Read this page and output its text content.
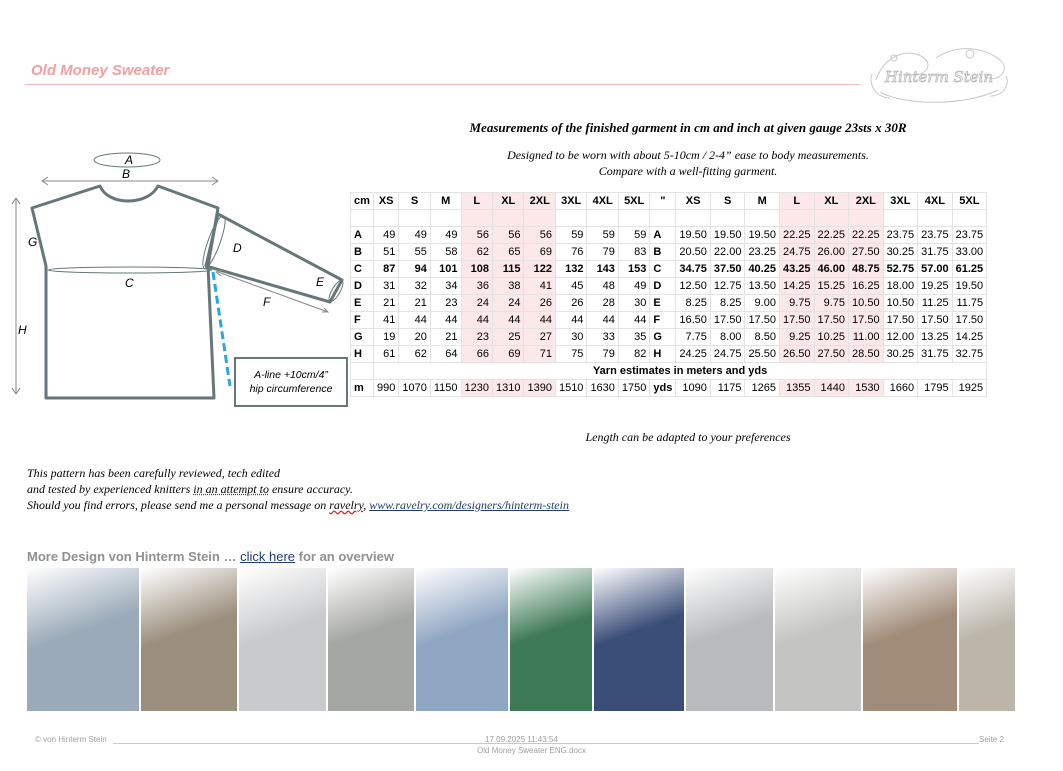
Old Money Sweater	Hinterm Stein
Measurements of the finished garment in cm and inch at given gauge 23sts x 30R
Designed to be worn with about 5-10cm / 2-4” ease to body measurements.
Compare with a well-fitting garment.
A
B
C
D
E
F
G
H
A-line +10cm/4”
hip circumference
cm	XS	S	M	L	XL	2XL	3XL	4XL	5XL	"	XS	S	M	L	XL	2XL	3XL	4XL	5XL

A	49	49	49	56	56	56	59	59	59	A	19.50	19.50	19.50	22.25	22.25	22.25	23.75	23.75	23.75
B	51	55	58	62	65	69	76	79	83	B	20.50	22.00	23.25	24.75	26.00	27.50	30.25	31.75	33.00
C	87	94	101	108	115	122	132	143	153	C	34.75	37.50	40.25	43.25	46.00	48.75	52.75	57.00	61.25
D	31	32	34	36	38	41	45	48	49	D	12.50	12.75	13.50	14.25	15.25	16.25	18.00	19.25	19.50
E	21	21	23	24	24	26	26	28	30	E	8.25	8.25	9.00	9.75	9.75	10.50	10.50	11.25	11.75
F	41	44	44	44	44	44	44	44	44	F	16.50	17.50	17.50	17.50	17.50	17.50	17.50	17.50	17.50
G	19	20	21	23	25	27	30	33	35	G	7.75	8.00	8.50	9.25	10.25	11.00	12.00	13.25	14.25
H	61	62	64	66	69	71	75	79	82	H	24.25	24.75	25.50	26.50	27.50	28.50	30.25	31.75	32.75
	Yarn estimates in meters and yds																		
m	990	1070	1150	1230	1310	1390	1510	1630	1750	yds	1090	1175	1265	1355	1440	1530	1660	1795	1925
Length can be adapted to your preferences
This pattern has been carefully reviewed, tech edited
and tested by experienced knitters in an attempt to ensure accuracy.
Should you find errors, please send me a personal message on ravelry, www.ravelry.com/designers/hinterm-stein
More Design von Hinterm Stein … click here for an overview
© von Hinterm Stein	17.09.2025 11:43:54	Seite 2
Old Money Sweater ENG.docx
